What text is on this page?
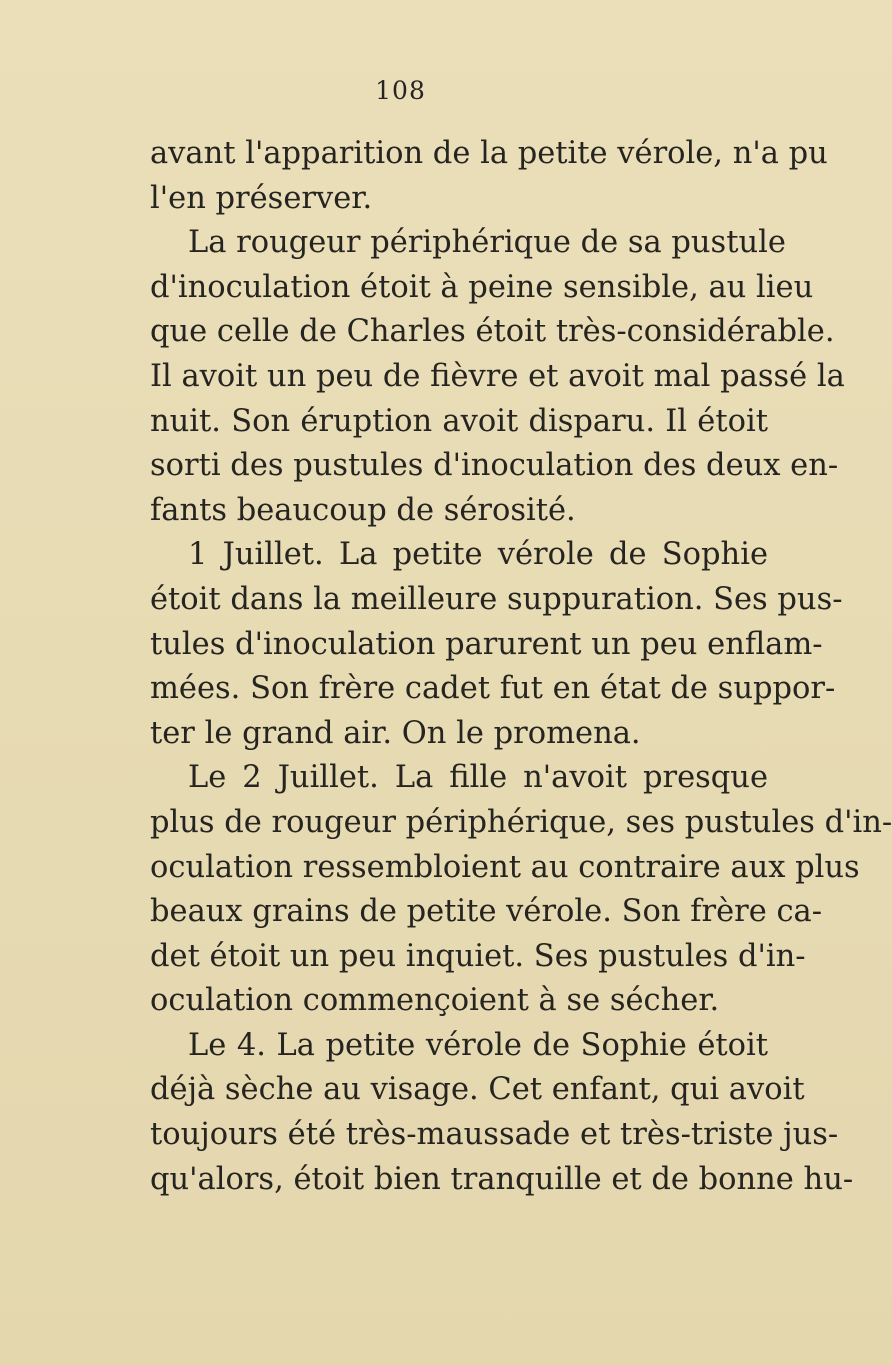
108
avant l'apparition de la petite vérole, n'a pu
l'en préserver.
La rougeur périphérique de sa pustule
d'inoculation étoit à peine sensible, au lieu
que celle de Charles étoit très-considérable.
Il avoit un peu de fièvre et avoit mal passé la
nuit. Son éruption avoit disparu. Il étoit
sorti des pustules d'inoculation des deux en-
fants beaucoup de sérosité.
1 Juillet. La petite vérole de Sophie
étoit dans la meilleure suppuration. Ses pus-
tules d'inoculation parurent un peu enflam-
mées. Son frère cadet fut en état de suppor-
ter le grand air. On le promena.
Le 2 Juillet. La fille n'avoit presque
plus de rougeur périphérique, ses pustules d'in-
oculation ressembloient au contraire aux plus
beaux grains de petite vérole. Son frère ca-
det étoit un peu inquiet. Ses pustules d'in-
oculation commençoient à se sécher.
Le 4. La petite vérole de Sophie étoit
déjà sèche au visage. Cet enfant, qui avoit
toujours été très-maussade et très-triste jus-
qu'alors, étoit bien tranquille et de bonne hu-
